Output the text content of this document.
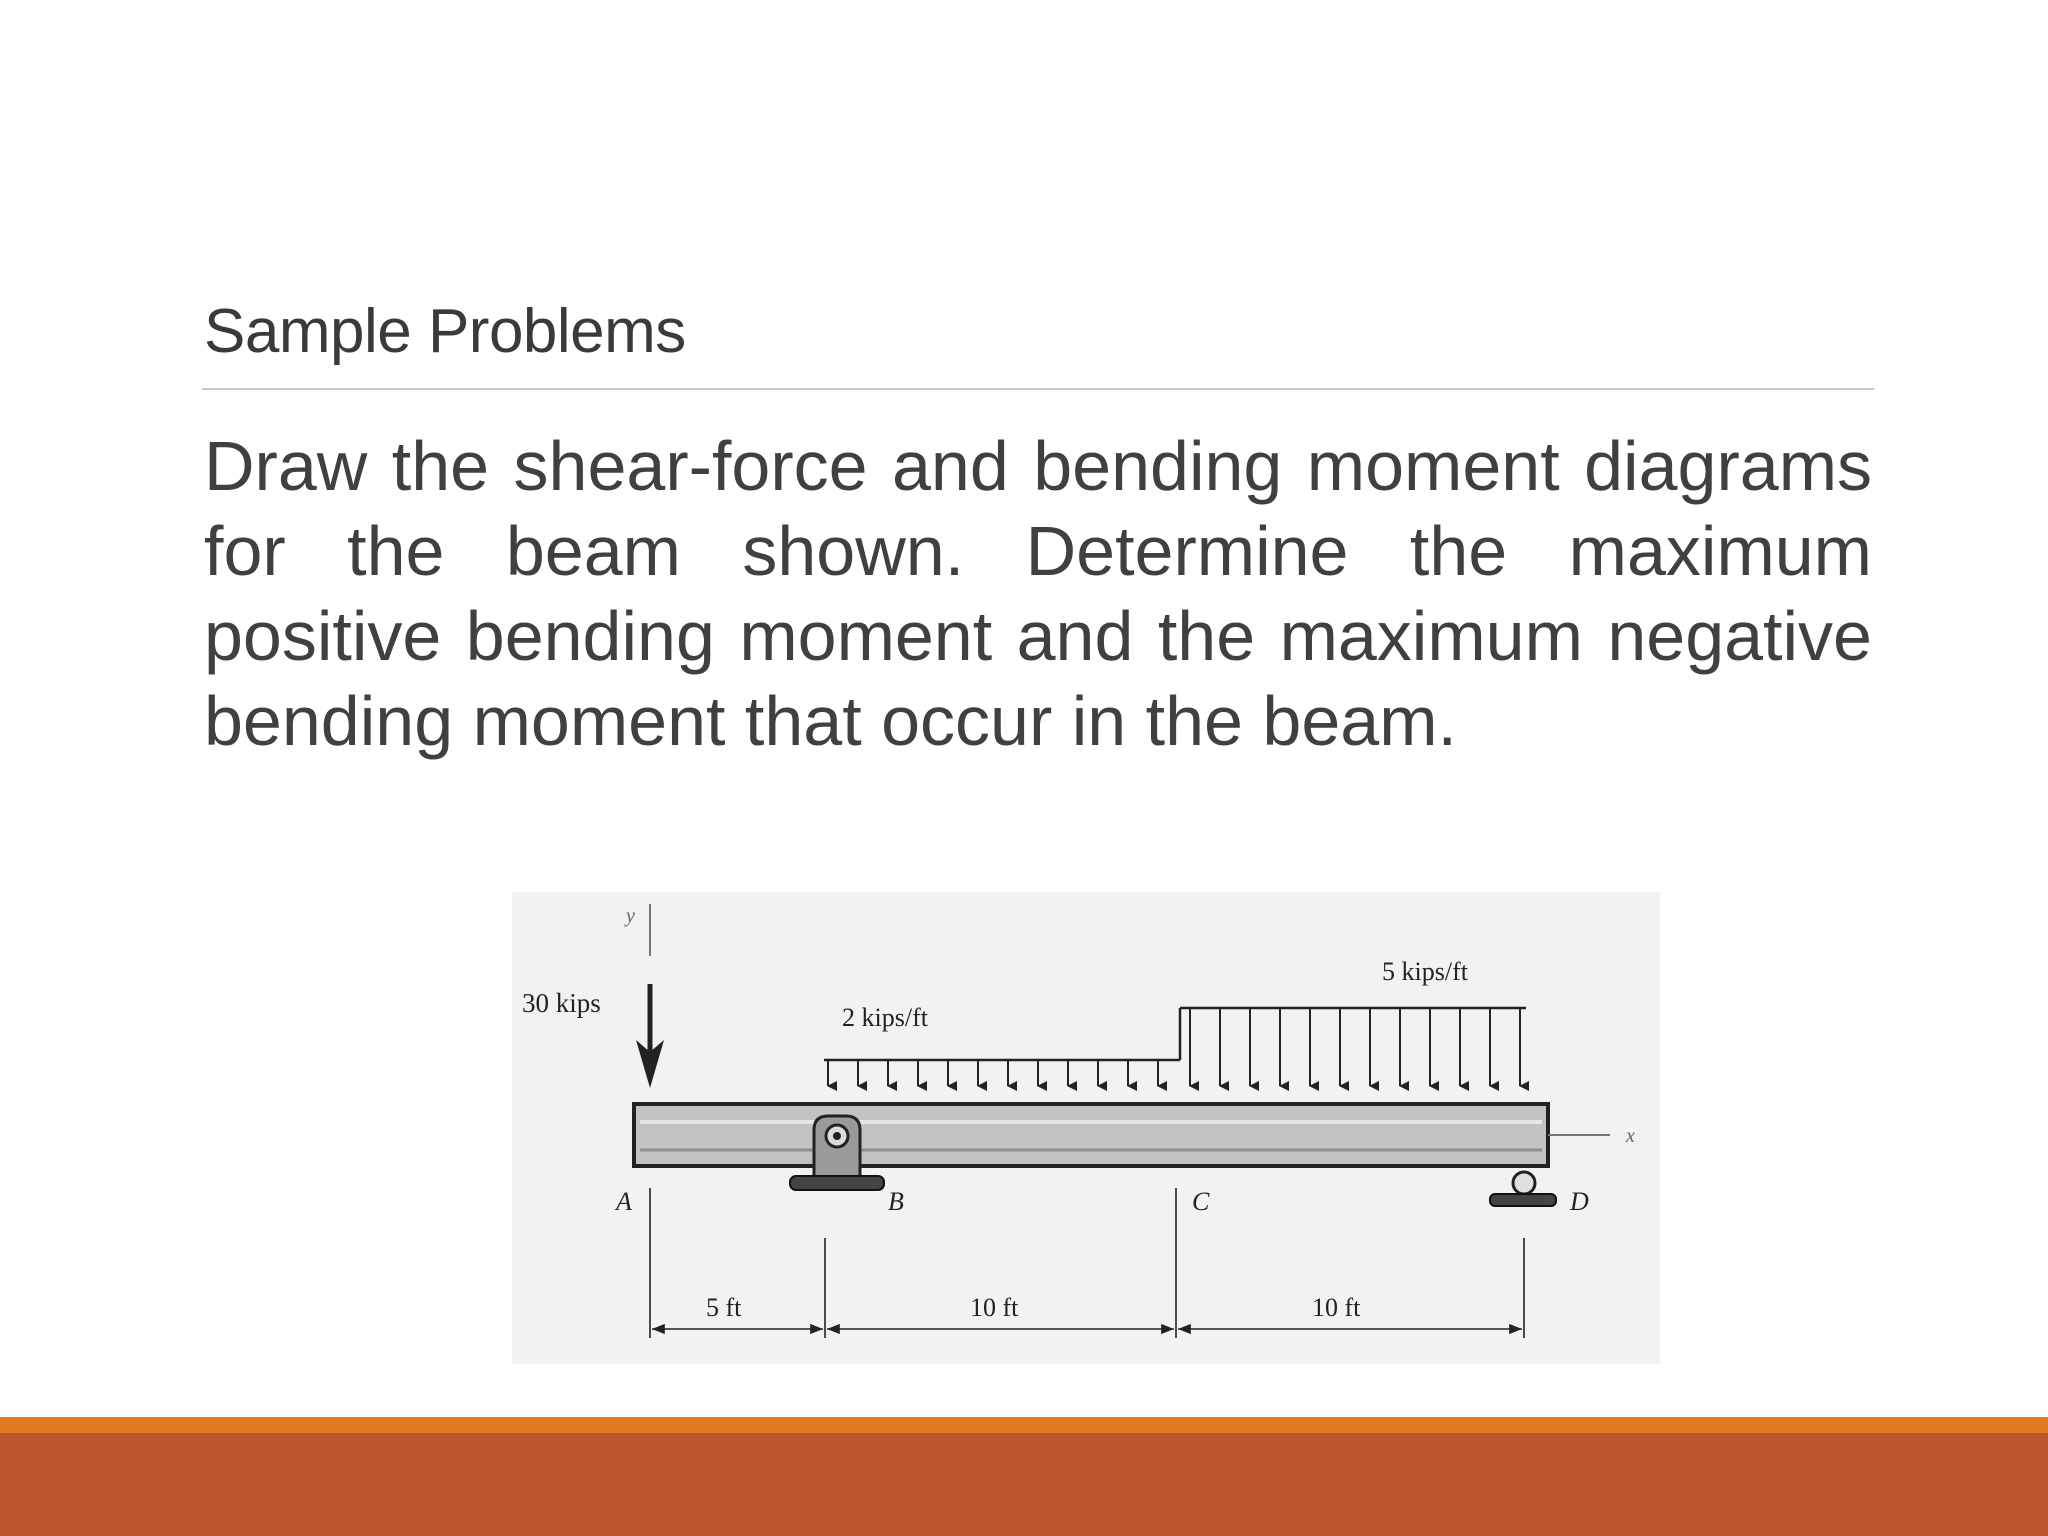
Sample Problems

Draw the shear-force and bending moment diagrams for the beam shown. Determine the maximum positive bending moment and the maximum negative bending moment that occur in the beam.

y
30 kips	2 kips/ft
5 kips/ft
x
A	B	C	D
5 ft	10 ft	10 ft
